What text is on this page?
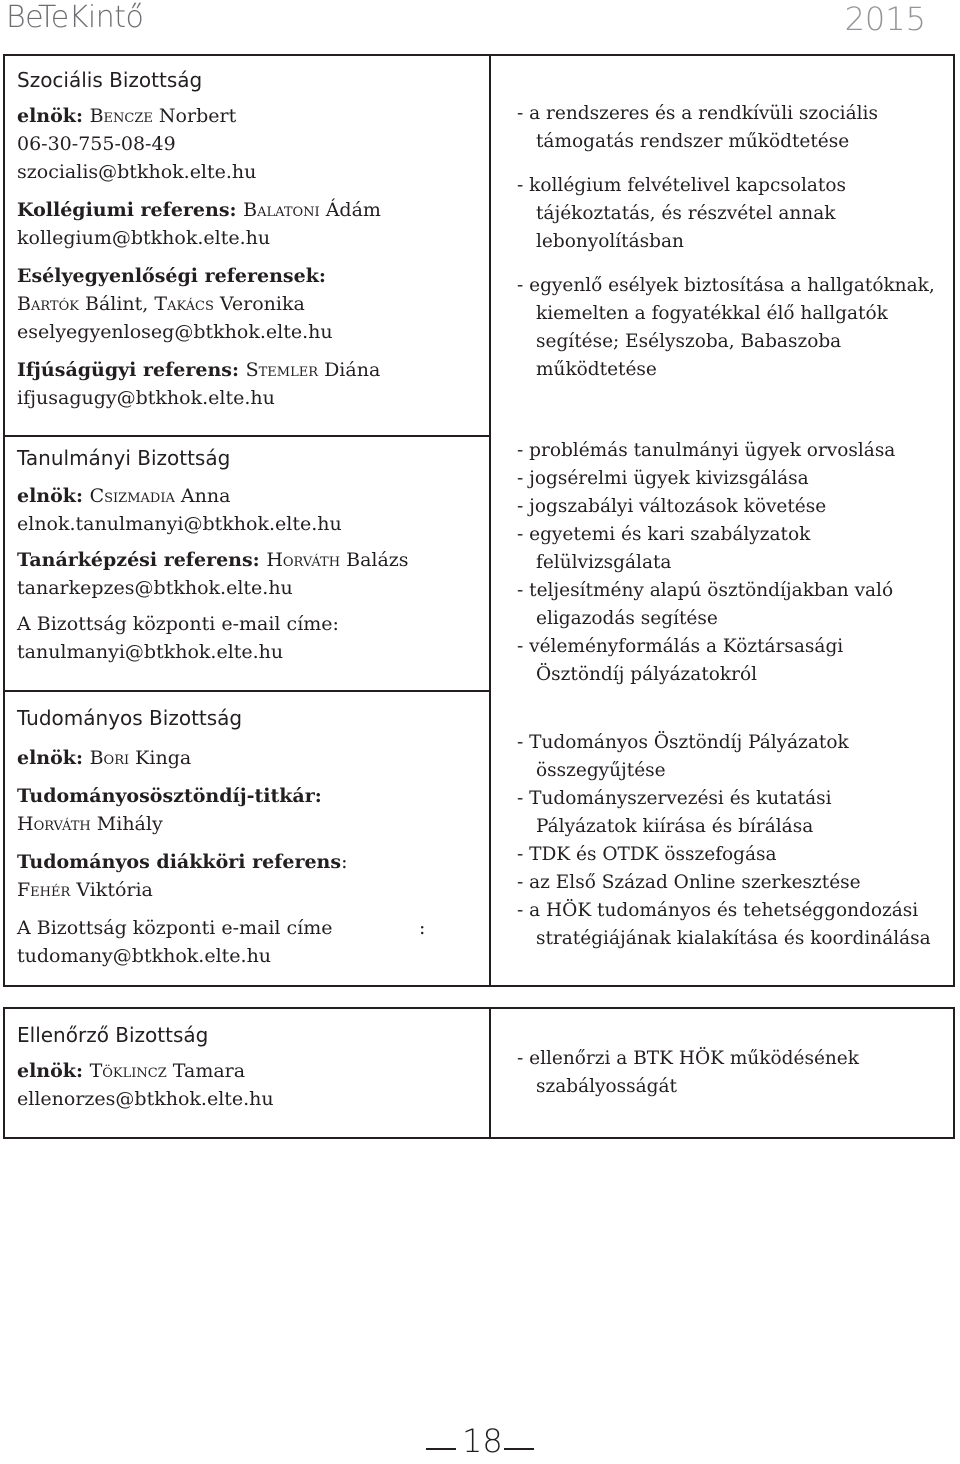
BeTeKintő	2015
Szociális Bizottság
elnök: Bencze Norbert
06-30-755-08-49
szocialis@btkhok.elte.hu
Kollégiumi referens: Balatoni Ádám
kollegium@btkhok.elte.hu
Esélyegyenlőségi referensek:
Bartók Bálint, Takács Veronika
eselyegyenloseg@btkhok.elte.hu
Ifjúságügyi referens: Stemler Diána
ifjusagugy@btkhok.elte.hu
Tanulmányi Bizottság
elnök: Csizmadia Anna
elnok.tanulmanyi@btkhok.elte.hu
Tanárképzési referens: Horváth Balázs
tanarkepzes@btkhok.elte.hu
A Bizottság központi e-mail címe:
tanulmanyi@btkhok.elte.hu
Tudományos Bizottság
elnök: Bori Kinga
Tudományosösztöndíj-titkár:
Horváth Mihály
Tudományos diákköri referens:
Fehér Viktória
A Bizottság központi e-mail címe	:
tudomany@btkhok.elte.hu
- a rendszeres és a rendkívüli szociális
támogatás rendszer működtetése
- kollégium felvételivel kapcsolatos
tájékoztatás, és részvétel annak
lebonyolításban
- egyenlő esélyek biztosítása a hallgatóknak,
kiemelten a fogyatékkal élő hallgatók
segítése; Esélyszoba, Babaszoba
működtetése
- problémás tanulmányi ügyek orvoslása
- jogsérelmi ügyek kivizsgálása
- jogszabályi változások követése
- egyetemi és kari szabályzatok
felülvizsgálata
- teljesítmény alapú ösztöndíjakban való
eligazodás segítése
- véleményformálás a Köztársasági
Ösztöndíj pályázatokról
- Tudományos Ösztöndíj Pályázatok
összegyűjtése
- Tudományszervezési és kutatási
Pályázatok kiírása és bírálása
- TDK és OTDK összefogása
- az Első Század Online szerkesztése
- a HÖK tudományos és tehetséggondozási
stratégiájának kialakítása és koordinálása
Ellenőrző Bizottság
elnök: Töklincz Tamara
ellenorzes@btkhok.elte.hu
- ellenőrzi a BTK HÖK működésének
szabályosságát
18
